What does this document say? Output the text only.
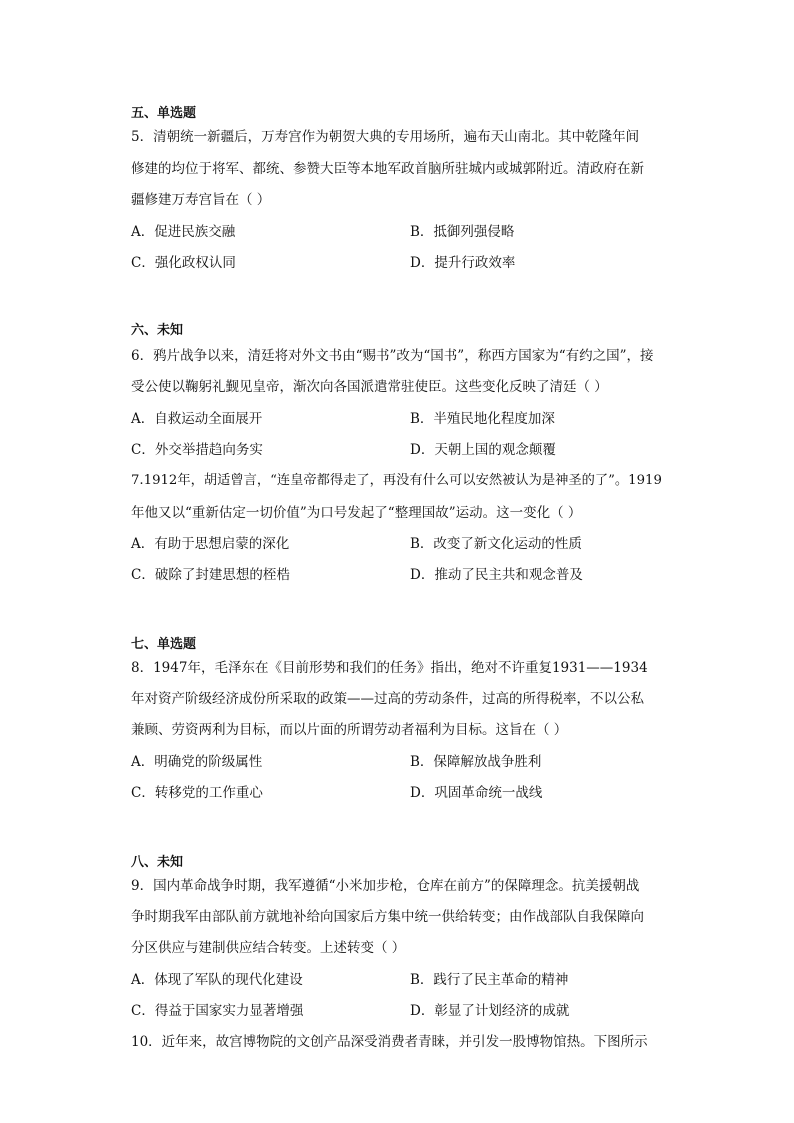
五、单选题
5．清朝统一新疆后，万寿宫作为朝贺大典的专用场所，遍布天山南北。其中乾隆年间
修建的均位于将军、都统、参赞大臣等本地军政首脑所驻城内或城郭附近。清政府在新
疆修建万寿宫旨在（ ）
A．促进民族交融	B．抵御列强侵略
C．强化政权认同	D．提升行政效率
六、未知
6．鸦片战争以来，清廷将对外文书由“赐书”改为“国书”，称西方国家为“有约之国”，接
受公使以鞠躬礼觐见皇帝，渐次向各国派遣常驻使臣。这些变化反映了清廷（ ）
A．自救运动全面展开	B．半殖民地化程度加深
C．外交举措趋向务实	D．天朝上国的观念颠覆
7.1912年，胡适曾言，“连皇帝都得走了，再没有什么可以安然被认为是神圣的了”。1919
年他又以“重新估定一切价值”为口号发起了“整理国故”运动。这一变化（ ）
A．有助于思想启蒙的深化	B．改变了新文化运动的性质
C．破除了封建思想的桎梏	D．推动了民主共和观念普及
七、单选题
8．1947年，毛泽东在《目前形势和我们的任务》指出，绝对不许重复1931——1934
年对资产阶级经济成份所采取的政策——过高的劳动条件，过高的所得税率，不以公私
兼顾、劳资两利为目标，而以片面的所谓劳动者福利为目标。这旨在（ ）
A．明确党的阶级属性	B．保障解放战争胜利
C．转移党的工作重心	D．巩固革命统一战线
八、未知
9．国内革命战争时期，我军遵循“小米加步枪，仓库在前方”的保障理念。抗美援朝战
争时期我军由部队前方就地补给向国家后方集中统一供给转变；由作战部队自我保障向
分区供应与建制供应结合转变。上述转变（ ）
A．体现了军队的现代化建设	B．践行了民主革命的精神
C．得益于国家实力显著增强	D．彰显了计划经济的成就
10．近年来，故宫博物院的文创产品深受消费者青睐，并引发一股博物馆热。下图所示
